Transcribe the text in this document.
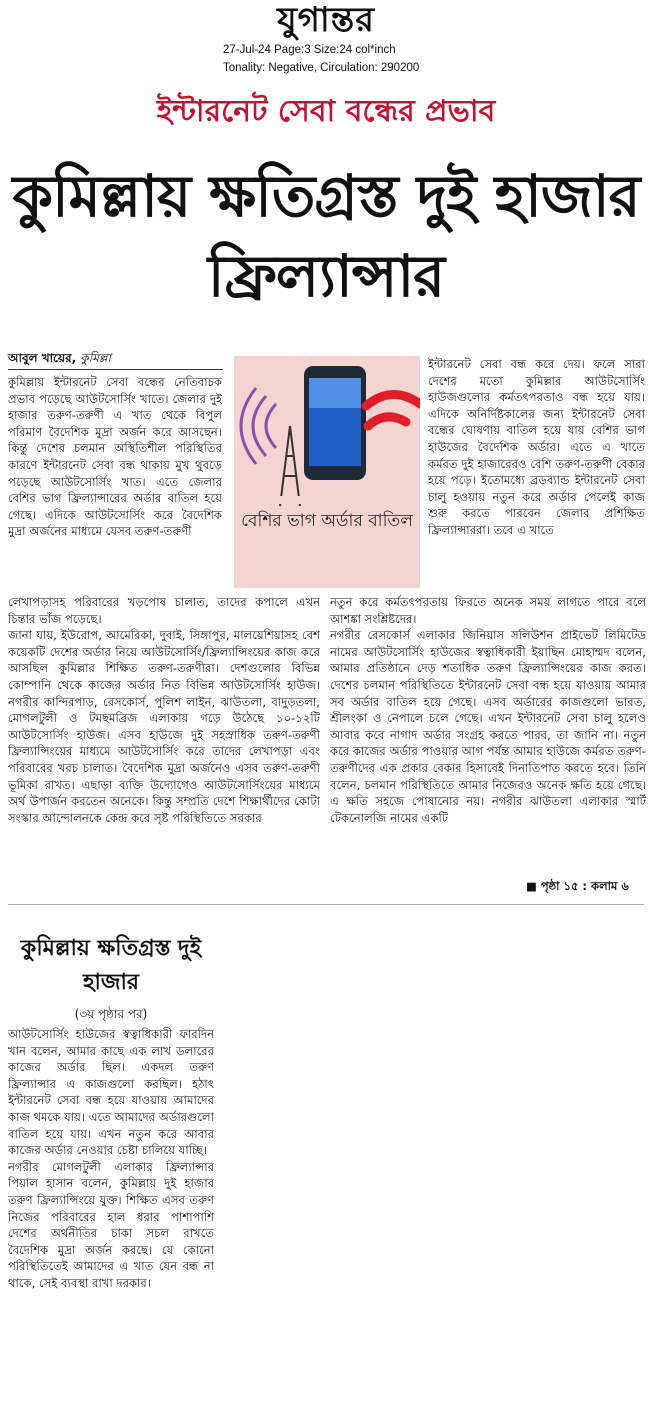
যুগান্তর
27-Jul-24 Page:3 Size:24 col*inch
Tonality: Negative, Circulation: 290200
ইন্টারনেট সেবা বন্ধের প্রভাব
কুমিল্লায় ক্ষতিগ্রস্ত দুই হাজার ফ্রিল্যান্সার
আবুল খায়ের, কুমিল্লা

কুমিল্লায় ইন্টারনেট সেবা বন্ধের নেতিবাচক প্রভাব পড়েছে আউটসোর্সিং খাতে। জেলার দুই হাজার তরুণ-তরুণী এ খাত থেকে বিপুল পরিমাণ বৈদেশিক মুদ্রা অর্জন করে আসছেন। কিন্তু দেশের চলমান অস্থিতিশীল পরিস্থিতির কারণে ইন্টারনেট সেবা বন্ধ থাকায় মুখ থুবড়ে পড়েছে আউটসোর্সিং খাত। এতে জেলার বেশির ভাগ ফ্রিল্যান্সারের অর্ডার বাতিল হয়ে গেছে। এদিকে আউটসোর্সিং করে বৈদেশিক মুদ্রা অর্জনের মাধ্যমে যেসব তরুণ-তরুণী

বেশির ভাগ অর্ডার বাতিল

ইন্টারনেট সেবা বন্ধ করে দেয়। ফলে সারা দেশের মতো কুমিল্লার আউটসোর্সিং হাউজগুলোর কর্মতৎপরতাও বন্ধ হয়ে যায়। এদিকে অনির্দিষ্টকালের জন্য ইন্টারনেট সেবা বন্ধের ঘোষণায় বাতিল হয়ে যায় বেশির ভাগ হাউজের বৈদেশিক অর্ডার। এতে এ খাতে কর্মরত দুই হাজারেরও বেশি তরুণ-তরুণী বেকার হয়ে পড়ে। ইতোমধ্যে ব্রডব্যান্ড ইন্টারনেট সেবা চালু হওয়ায় নতুন করে অর্ডার পেলেই কাজ শুরু করতে পারবেন জেলার প্রশিক্ষিত ফ্রিল্যান্সাররা। তবে এ খাতে

লেখাপড়াসহ পরিবারের খড়পোষ চালাত, তাদের কপালে এখন চিন্তার ভাঁজ পড়েছে।
জানা যায়, ইউরোপ, আমেরিকা, দুবাই, সিঙ্গাপুর, মালয়েশিয়াসহ বেশ কয়েকটি দেশের অর্ডার নিয়ে আউটসোর্সিং/ফ্রিল্যান্সিংয়ের কাজ করে আসছিল কুমিল্লার শিক্ষিত তরুণ-তরুণীরা। দেশগুলোর বিভিন্ন কোম্পানি থেকে কাজের অর্ডার নিত বিভিন্ন আউটসোর্সিং হাউজ। নগরীর কান্দিরপাড়, রেসকোর্স, পুলিশ লাইন, ঝাউতলা, বাদুড়তলা, মোগলটুলী ও টমছমব্রিজ এলাকায় গড়ে উঠেছে ১০-১২টি আউটসোর্সিং হাউজ। এসব হাউজে দুই সহস্রাধিক তরুণ-তরুণী ফ্রিল্যান্সিংয়ের মাধ্যমে আউটসোর্সিং করে তাদের লেখাপড়া এবং পরিবারের খরচ চালাত। বৈদেশিক মুদ্রা অর্জনেও এসব তরুণ-তরুণী ভূমিকা রাখত। এছাড়া ব্যক্তি উদ্যোগেও আউটসোর্সিংয়ের মাধ্যমে অর্থ উপার্জন করতেন অনেকে। কিন্তু সম্প্রতি দেশে শিক্ষার্থীদের কোটা সংস্কার আন্দোলনকে কেন্দ্র করে সৃষ্ট পরিস্থিতিতে সরকার

নতুন করে কর্মতৎপরতায় ফিরতে অনেক সময় লাগতে পারে বলে আশঙ্কা সংশ্লিষ্টদের।
নগরীর রেসকোর্স এলাকার জিনিয়াস সলিউশন প্রাইভেট লিমিটেড নামের আউটসোর্সিং হাউজের স্বত্বাধিকারী ইয়াছিন মোহাম্মদ বলেন, আমার প্রতিষ্ঠানে দেড় শতাধিক তরুণ ফ্রিল্যান্সিংয়ের কাজ করত। দেশের চলমান পরিস্থিতিতে ইন্টারনেট সেবা বন্ধ হয়ে যাওয়ায় আমার সব অর্ডার বাতিল হয়ে গেছে। এসব অর্ডারের কাজগুলো ভারত, শ্রীলংকা ও নেপালে চলে গেছে। এখন ইন্টারনেট সেবা চালু হলেও আবার কবে নাগাদ অর্ডার সংগ্রহ করতে পারব, তা জানি না। নতুন করে কাজের অর্ডার পাওয়ার আগ পর্যন্ত আমার হাউজে কর্মরত তরুণ-তরুণীদের এক প্রকার বেকার হিসাবেই দিনাতিপাত করতে হবে। তিনি বলেন, চলমান পরিস্থিতিতে আমার নিজেরও অনেক ক্ষতি হয়ে গেছে। এ ক্ষতি সহজে পোষানোর নয়। নগরীর ঝাউতলা এলাকার স্মার্ট টেকনোলজি নামের একটি

■ পৃষ্ঠা ১৫ : কলাম ৬
কুমিল্লায় ক্ষতিগ্রস্ত দুই হাজার
(৩য় পৃষ্ঠার পর)

আউটসোর্সিং হাউজের স্বত্বাধিকারী ফারদিন খান বলেন, আমার কাছে এক লাখ ডলারের কাজের অর্ডার ছিল। একদল তরুণ ফ্রিল্যান্সার এ কাজগুলো করছিল। হঠাৎ ইন্টারনেট সেবা বন্ধ হয়ে যাওয়ায় আমাদের কাজ থমকে যায়। এতে আমাদের অর্ডারগুলো বাতিল হয়ে যায়। এখন নতুন করে আবার কাজের অর্ডার নেওয়ার চেষ্টা চালিয়ে যাচ্ছি।
নগরীর মোগলটুলী এলাকার ফ্রিল্যান্সার পিয়াল হাসান বলেন, কুমিল্লায় দুই হাজার তরুণ ফ্রিল্যান্সিংয়ে যুক্ত। শিক্ষিত এসব তরুণ নিজের পরিবারের হাল ধরার পাশাপাশি দেশের অর্থনীতির চাকা সচল রাখতে বৈদেশিক মুদ্রা অর্জন করছে। যে কোনো পরিস্থিতিতেই আমাদের এ খাত যেন বন্ধ না থাকে, সেই ব্যবস্থা রাখা দরকার।
